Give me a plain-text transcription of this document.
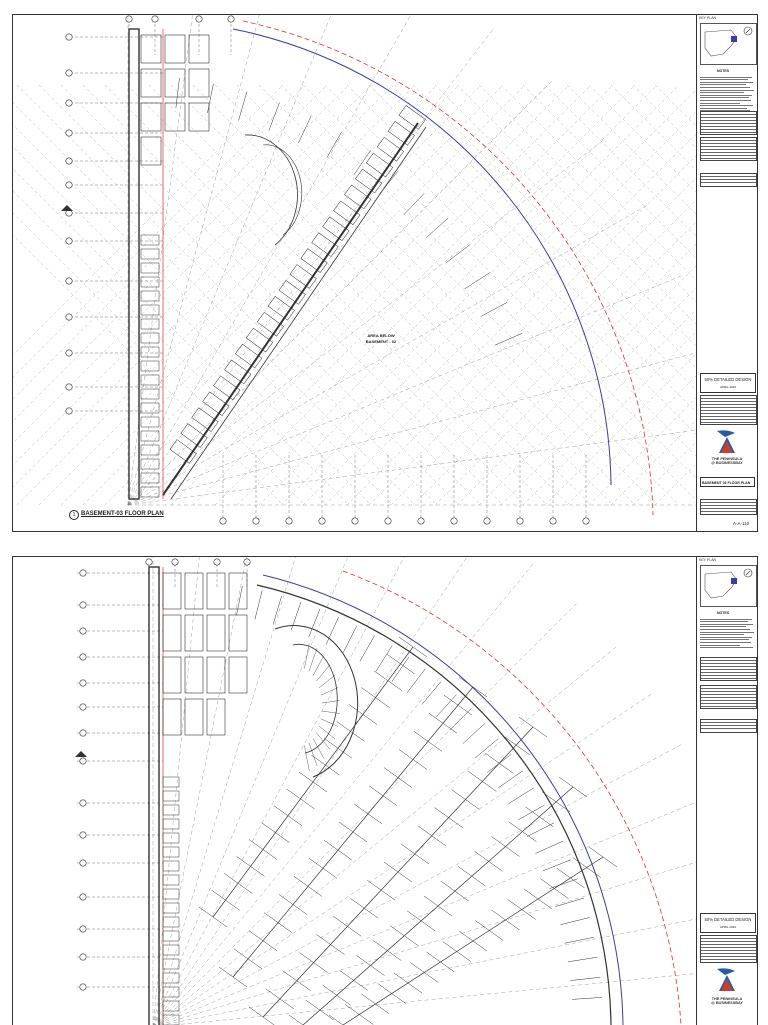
1 BASEMENT-03 FLOOR PLAN
AREA BELOW
BASEMENT - 02
KEY PLAN
NOTES
50% DETAILED DESIGN
APRIL 2026
THE PENINSULA
@ BUSINESSBAY
BASEMENT 03 FLOOR PLAN
A-A-110
KEY PLAN
NOTES
50% DETAILED DESIGN
APRIL 2026
THE PENINSULA
@ BUSINESSBAY
